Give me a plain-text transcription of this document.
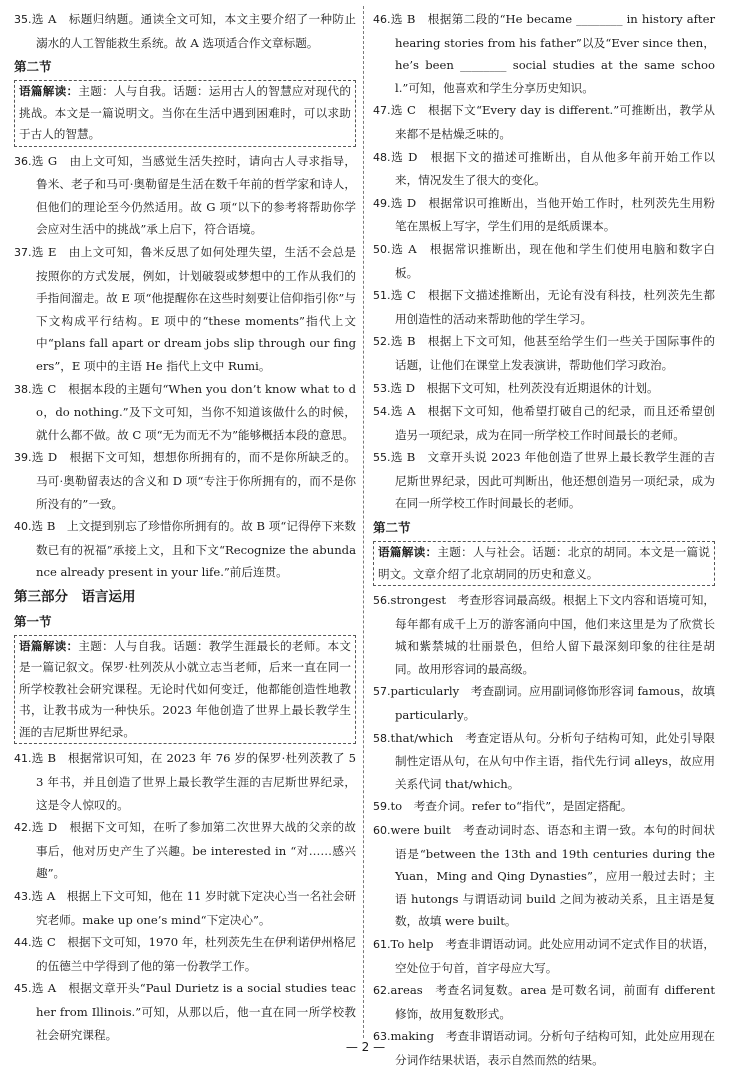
35.选 A　标题归纳题。通读全文可知，本文主要介绍了一种防止溺水的人工智能救生系统。故 A 选项适合作文章标题。
第二节
语篇解读：主题：人与自我。话题：运用古人的智慧应对现代的挑战。本文是一篇说明文。当你在生活中遇到困难时，可以求助于古人的智慧。
36.选 G　由上文可知，当感觉生活失控时，请向古人寻求指导，鲁米、老子和马可·奥勒留是生活在数千年前的哲学家和诗人，但他们的理论至今仍然适用。故 G 项“以下的参考将帮助你学会应对生活中的挑战”承上启下，符合语境。
37.选 E　由上文可知，鲁米反思了如何处理失望，生活不会总是按照你的方式发展，例如，计划破裂或梦想中的工作从我们的手指间溜走。故 E 项“他提醒你在这些时刻要让信仰指引你”与下文构成平行结构。E 项中的“these moments”指代上文中“plans fall apart or dream jobs slip through our fingers”，E 项中的主语 He 指代上文中 Rumi。
38.选 C　根据本段的主题句“When you don’t know what to do，do nothing.”及下文可知，当你不知道该做什么的时候，就什么都不做。故 C 项“无为而无不为”能够概括本段的意思。
39.选 D　根据下文可知，想想你所拥有的，而不是你所缺乏的。马可·奥勒留表达的含义和 D 项“专注于你所拥有的，而不是你所没有的”一致。
40.选 B　上文提到别忘了珍惜你所拥有的。故 B 项“记得停下来数数已有的祝福”承接上文，且和下文“Recognize the abundance already present in your life.”前后连贯。
第三部分　语言运用
第一节
语篇解读：主题：人与自我。话题：教学生涯最长的老师。本文是一篇记叙文。保罗·杜列茨从小就立志当老师，后来一直在同一所学校教社会研究课程。无论时代如何变迁，他都能创造性地教书，让教书成为一种快乐。2023 年他创造了世界上最长教学生涯的吉尼斯世界纪录。
41.选 B　根据常识可知，在 2023 年 76 岁的保罗·杜列茨教了 53 年书，并且创造了世界上最长教学生涯的吉尼斯世界纪录，这是令人惊叹的。
42.选 D　根据下文可知，在听了参加第二次世界大战的父亲的故事后，他对历史产生了兴趣。be interested in “对……感兴趣”。
43.选 A　根据上下文可知，他在 11 岁时就下定决心当一名社会研究老师。make up one’s mind“下定决心”。
44.选 C　根据下文可知，1970 年，杜列茨先生在伊利诺伊州格尼的伍德兰中学得到了他的第一份教学工作。
45.选 A　根据文章开头“Paul Durietz is a social studies teacher from Illinois.”可知，从那以后，他一直在同一所学校教社会研究课程。
46.选 B　根据第二段的“He became ________ in history after hearing stories from his father”以及“Ever since then，he’s been ________ social studies at the same school.”可知，他喜欢和学生分享历史知识。
47.选 C　根据下文“Every day is different.”可推断出，教学从来都不是枯燥乏味的。
48.选 D　根据下文的描述可推断出，自从他多年前开始工作以来，情况发生了很大的变化。
49.选 D　根据常识可推断出，当他开始工作时，杜列茨先生用粉笔在黑板上写字，学生们用的是纸质课本。
50.选 A　根据常识推断出，现在他和学生们使用电脑和数字白板。
51.选 C　根据下文描述推断出，无论有没有科技，杜列茨先生都用创造性的活动来帮助他的学生学习。
52.选 B　根据上下文可知，他甚至给学生们一些关于国际事件的话题，让他们在课堂上发表演讲，帮助他们学习政治。
53.选 D　根据下文可知，杜列茨没有近期退休的计划。
54.选 A　根据下文可知，他希望打破自己的纪录，而且还希望创造另一项纪录，成为在同一所学校工作时间最长的老师。
55.选 B　文章开头说 2023 年他创造了世界上最长教学生涯的吉尼斯世界纪录，因此可判断出，他还想创造另一项纪录，成为在同一所学校工作时间最长的老师。
第二节
语篇解读：主题：人与社会。话题：北京的胡同。本文是一篇说明文。文章介绍了北京胡同的历史和意义。
56.strongest　考查形容词最高级。根据上下文内容和语境可知，每年都有成千上万的游客涌向中国，他们来这里是为了欣赏长城和紫禁城的壮丽景色，但给人留下最深刻印象的往往是胡同。故用形容词的最高级。
57.particularly　考查副词。应用副词修饰形容词 famous，故填 particularly。
58.that/which　考查定语从句。分析句子结构可知，此处引导限制性定语从句，在从句中作主语，指代先行词 alleys，故应用关系代词 that/which。
59.to　考查介词。refer to“指代”，是固定搭配。
60.were built　考查动词时态、语态和主谓一致。本句的时间状语是“between the 13th and 19th centuries during the Yuan，Ming and Qing Dynasties”，应用一般过去时；主语 hutongs 与谓语动词 build 之间为被动关系，且主语是复数，故填 were built。
61.To help　考查非谓语动词。此处应用动词不定式作目的状语，空处位于句首，首字母应大写。
62.areas　考查名词复数。area 是可数名词，前面有 different 修饰，故用复数形式。
63.making　考查非谓语动词。分析句子结构可知，此处应用现在分词作结果状语，表示自然而然的结果。
— 2 —
